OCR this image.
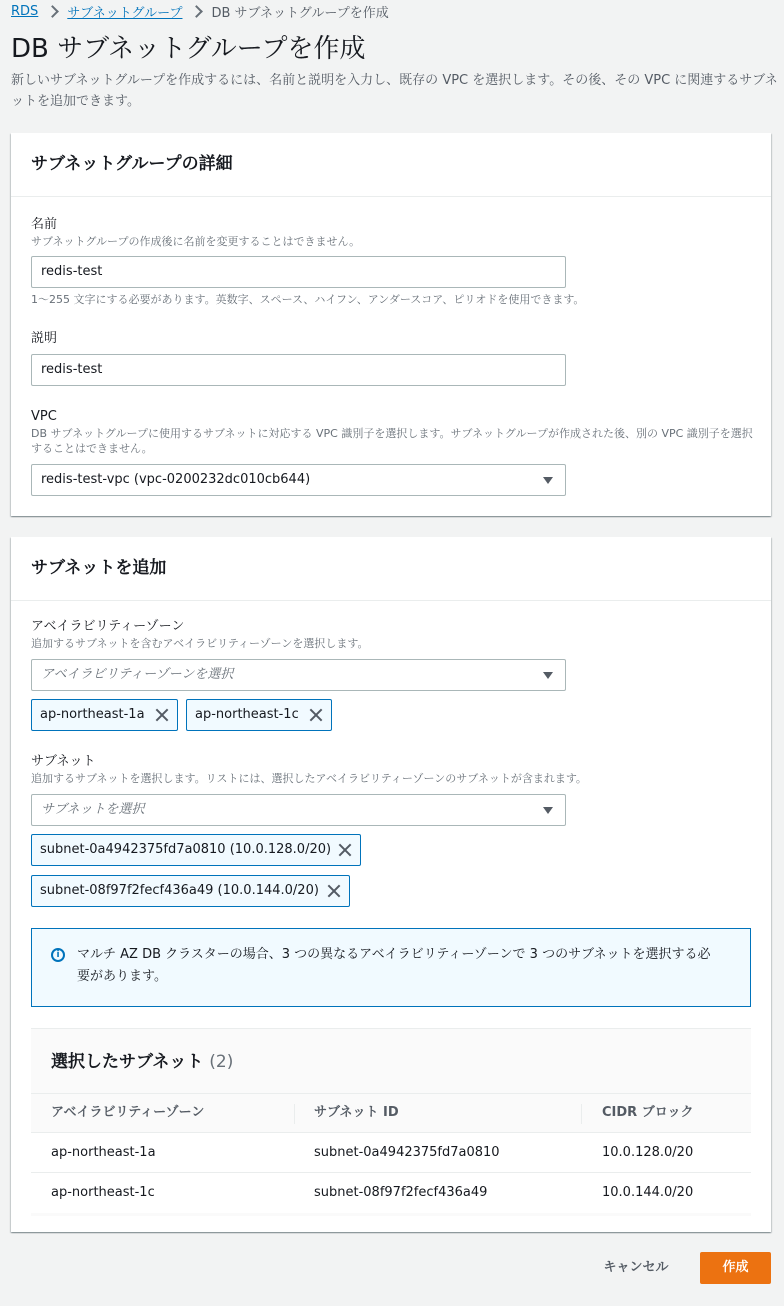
RDS サブネットグループ DB サブネットグループを作成
DB サブネットグループを作成

新しいサブネットグループを作成するには、名前と説明を入力し、既存の VPC を選択します。その後、その VPC に関連するサブネットを追加できます。

サブネットグループの詳細
名前
サブネットグループの作成後に名前を変更することはできません。
redis-test
1〜255 文字にする必要があります。英数字、スペース、ハイフン、アンダースコア、ピリオドを使用できます。
説明
redis-test
VPC
DB サブネットグループに使用するサブネットに対応する VPC 識別子を選択します。サブネットグループが作成された後、別の VPC 識別子を選択することはできません。
redis-test-vpc (vpc-0200232dc010cb644)
サブネットを追加
アベイラビリティーゾーン
追加するサブネットを含むアベイラビリティーゾーンを選択します。
アベイラビリティーゾーンを選択
ap-northeast-1a	ap-northeast-1c
サブネット
追加するサブネットを選択します。リストには、選択したアベイラビリティーゾーンのサブネットが含まれます。
サブネットを選択
subnet-0a4942375fd7a0810 (10.0.128.0/20)
subnet-08f97f2fecf436a49 (10.0.144.0/20)
i	マルチ AZ DB クラスターの場合、3 つの異なるアベイラビリティーゾーンで 3 つのサブネットを選択する必要があります。
選択したサブネット (2)
アベイラビリティーゾーン	サブネット ID	CIDR ブロック
ap-northeast-1a	subnet-0a4942375fd7a0810	10.0.128.0/20
ap-northeast-1c	subnet-08f97f2fecf436a49	10.0.144.0/20
キャンセル	作成
